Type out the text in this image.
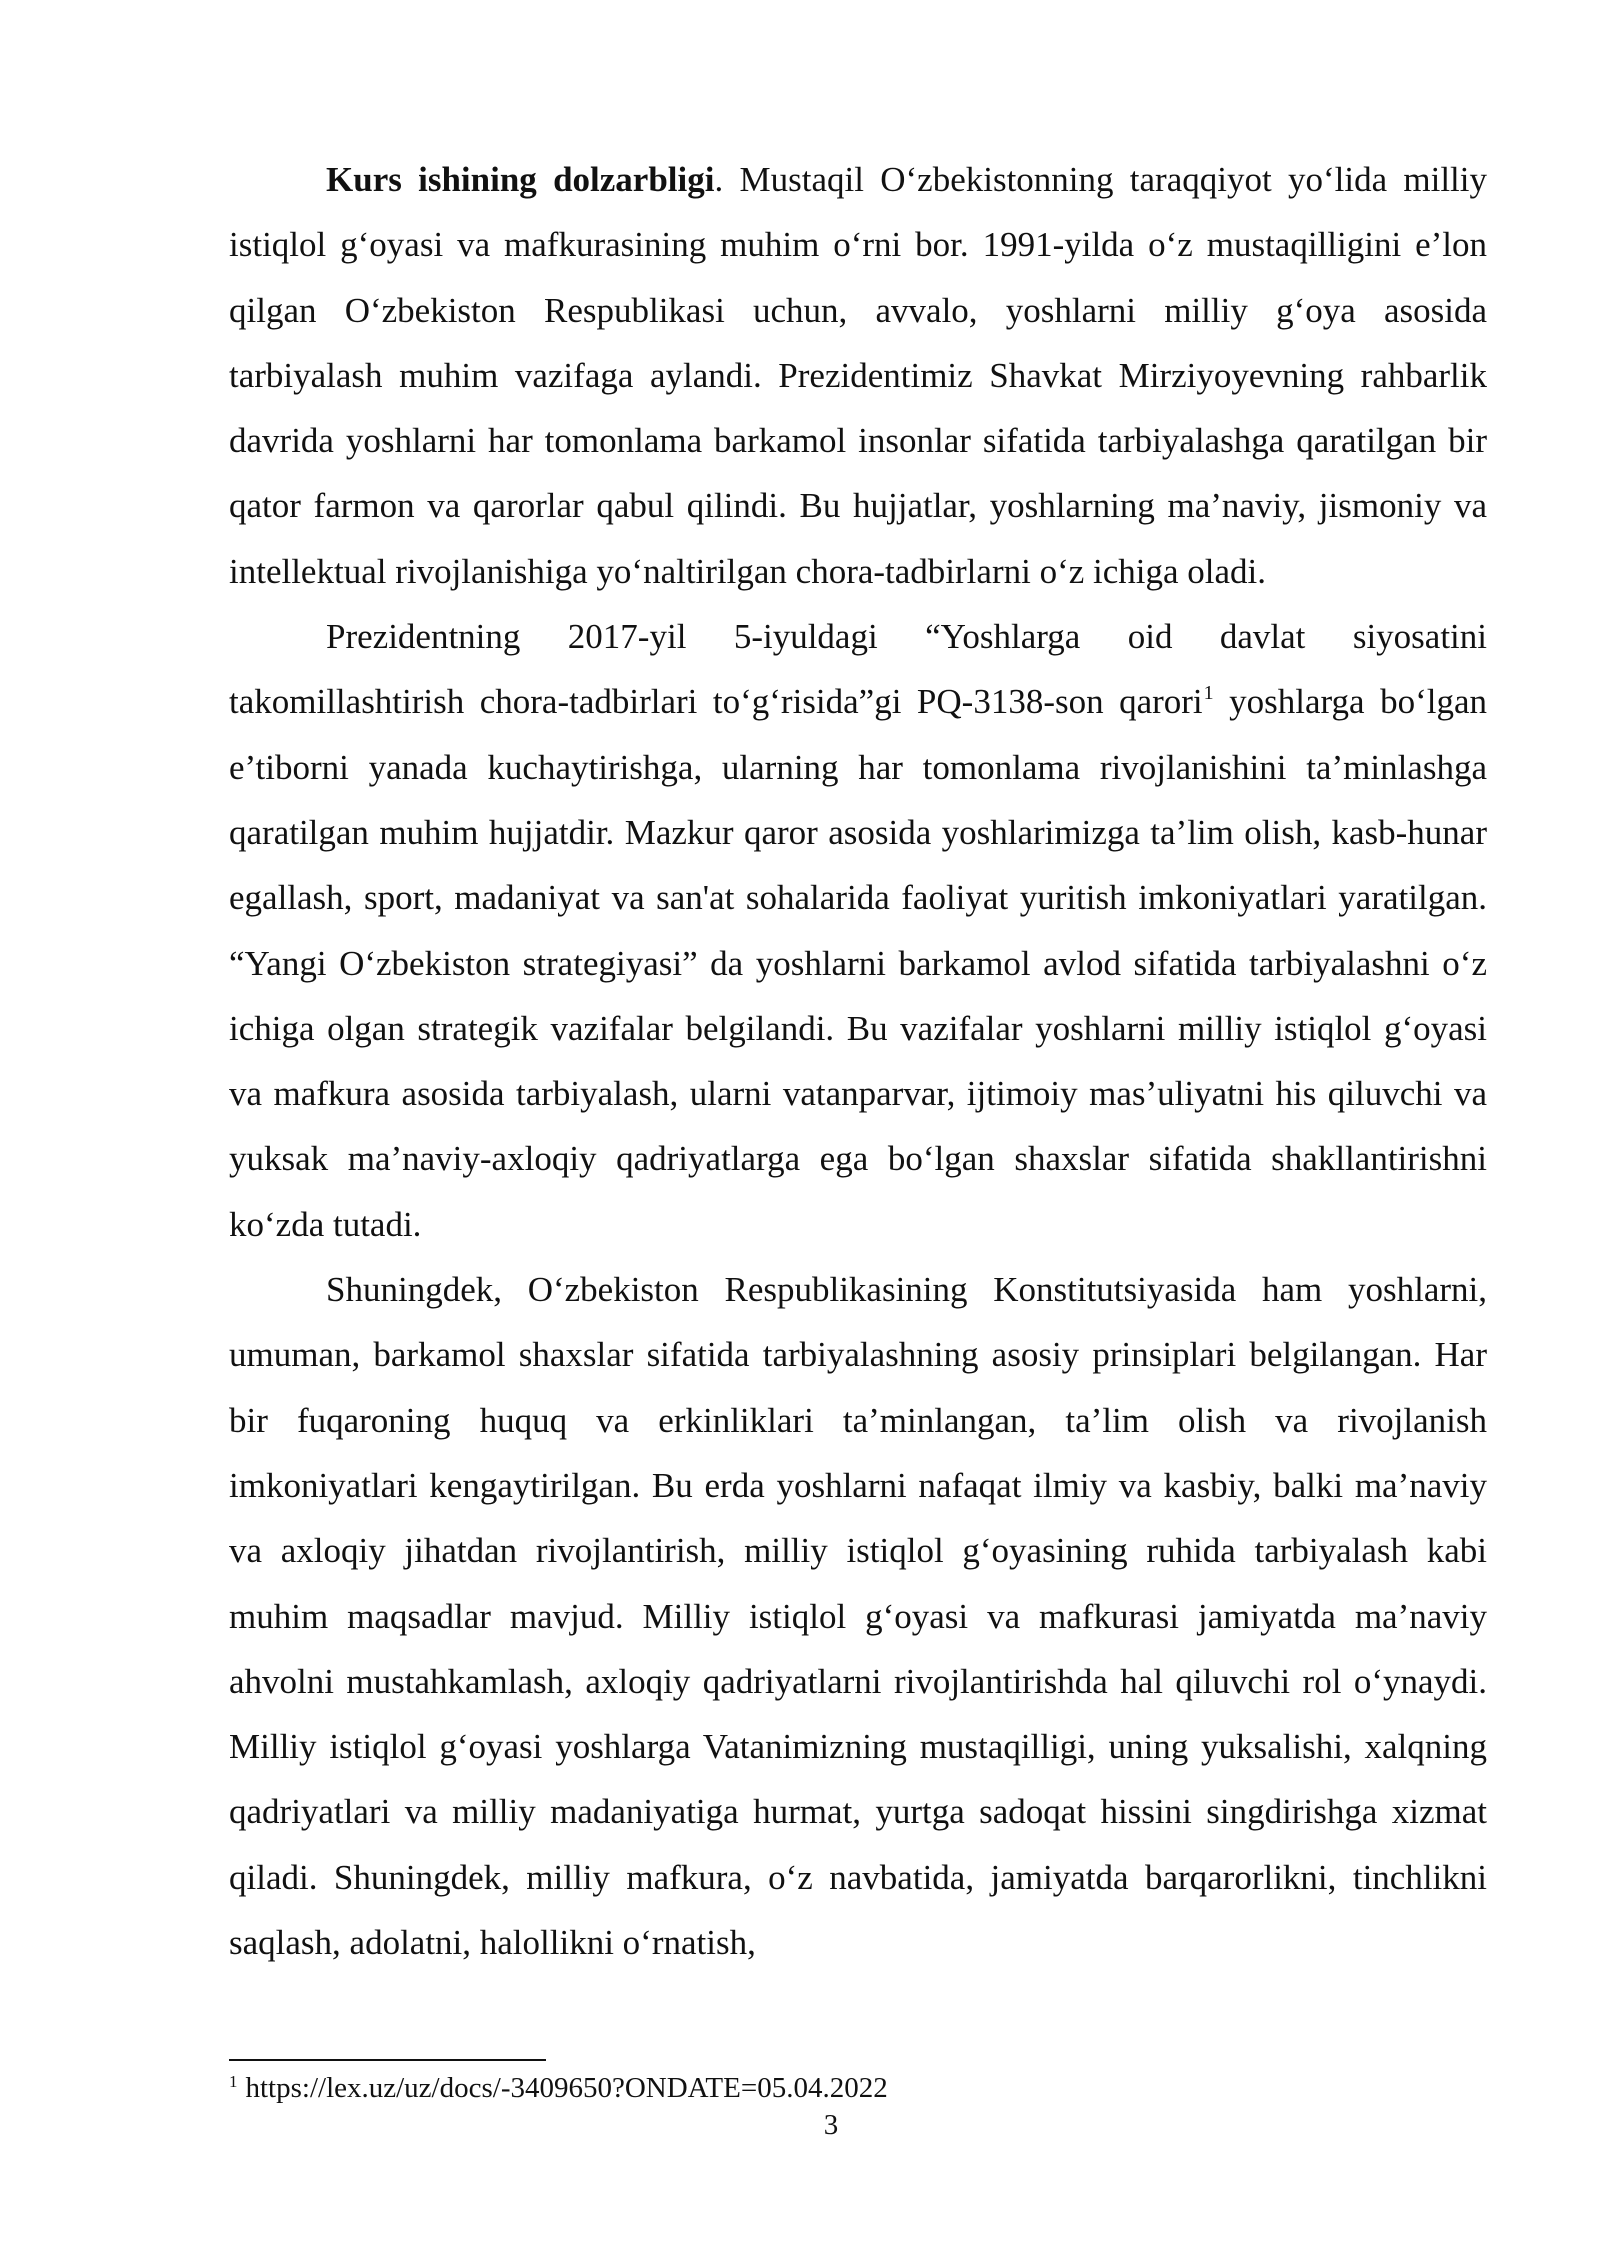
Kurs ishining dolzarbligi. Mustaqil O‘zbekistonning taraqqiyot yo‘lida milliy istiqlol g‘oyasi va mafkurasining muhim o‘rni bor. 1991-yilda o‘z mustaqilligini e’lon qilgan O‘zbekiston Respublikasi uchun, avvalo, yoshlarni milliy g‘oya asosida tarbiyalash muhim vazifaga aylandi. Prezidentimiz Shavkat Mirziyoyevning rahbarlik davrida yoshlarni har tomonlama barkamol insonlar sifatida tarbiyalashga qaratilgan bir qator farmon va qarorlar qabul qilindi. Bu hujjatlar, yoshlarning ma’naviy, jismoniy va intellektual rivojlanishiga yo‘naltirilgan chora-tadbirlarni o‘z ichiga oladi.

Prezidentning 2017-yil 5-iyuldagi “Yoshlarga oid davlat siyosatini takomillashtirish chora-tadbirlari to‘g‘risida”gi PQ-3138-son qarori$^1$ yoshlarga bo‘lgan e’tiborni yanada kuchaytirishga, ularning har tomonlama rivojlanishini ta’minlashga qaratilgan muhim hujjatdir. Mazkur qaror asosida yoshlarimizga ta’lim olish, kasb-hunar egallash, sport, madaniyat va san'at sohalarida faoliyat yuritish imkoniyatlari yaratilgan. “Yangi O‘zbekiston strategiyasi” da yoshlarni barkamol avlod sifatida tarbiyalashni o‘z ichiga olgan strategik vazifalar belgilandi. Bu vazifalar yoshlarni milliy istiqlol g‘oyasi va mafkura asosida tarbiyalash, ularni vatanparvar, ijtimoiy mas’uliyatni his qiluvchi va yuksak ma’naviy-axloqiy qadriyatlarga ega bo‘lgan shaxslar sifatida shakllantirishni ko‘zda tutadi.

Shuningdek, O‘zbekiston Respublikasining Konstitutsiyasida ham yoshlarni, umuman, barkamol shaxslar sifatida tarbiyalashning asosiy prinsiplari belgilangan. Har bir fuqaroning huquq va erkinliklari ta’minlangan, ta’lim olish va rivojlanish imkoniyatlari kengaytirilgan. Bu erda yoshlarni nafaqat ilmiy va kasbiy, balki ma’naviy va axloqiy jihatdan rivojlantirish, milliy istiqlol g‘oyasining ruhida tarbiyalash kabi muhim maqsadlar mavjud. Milliy istiqlol g‘oyasi va mafkurasi jamiyatda ma’naviy ahvolni mustahkamlash, axloqiy qadriyatlarni rivojlantirishda hal qiluvchi rol o‘ynaydi. Milliy istiqlol g‘oyasi yoshlarga Vatanimizning mustaqilligi, uning yuksalishi, xalqning qadriyatlari va milliy madaniyatiga hurmat, yurtga sadoqat hissini singdirishga xizmat qiladi. Shuningdek, milliy mafkura, o‘z navbatida, jamiyatda barqarorlikni, tinchlikni saqlash, adolatni, halollikni o‘rnatish,

$^1$ https://lex.uz/uz/docs/-3409650?ONDATE=05.04.2022
3
